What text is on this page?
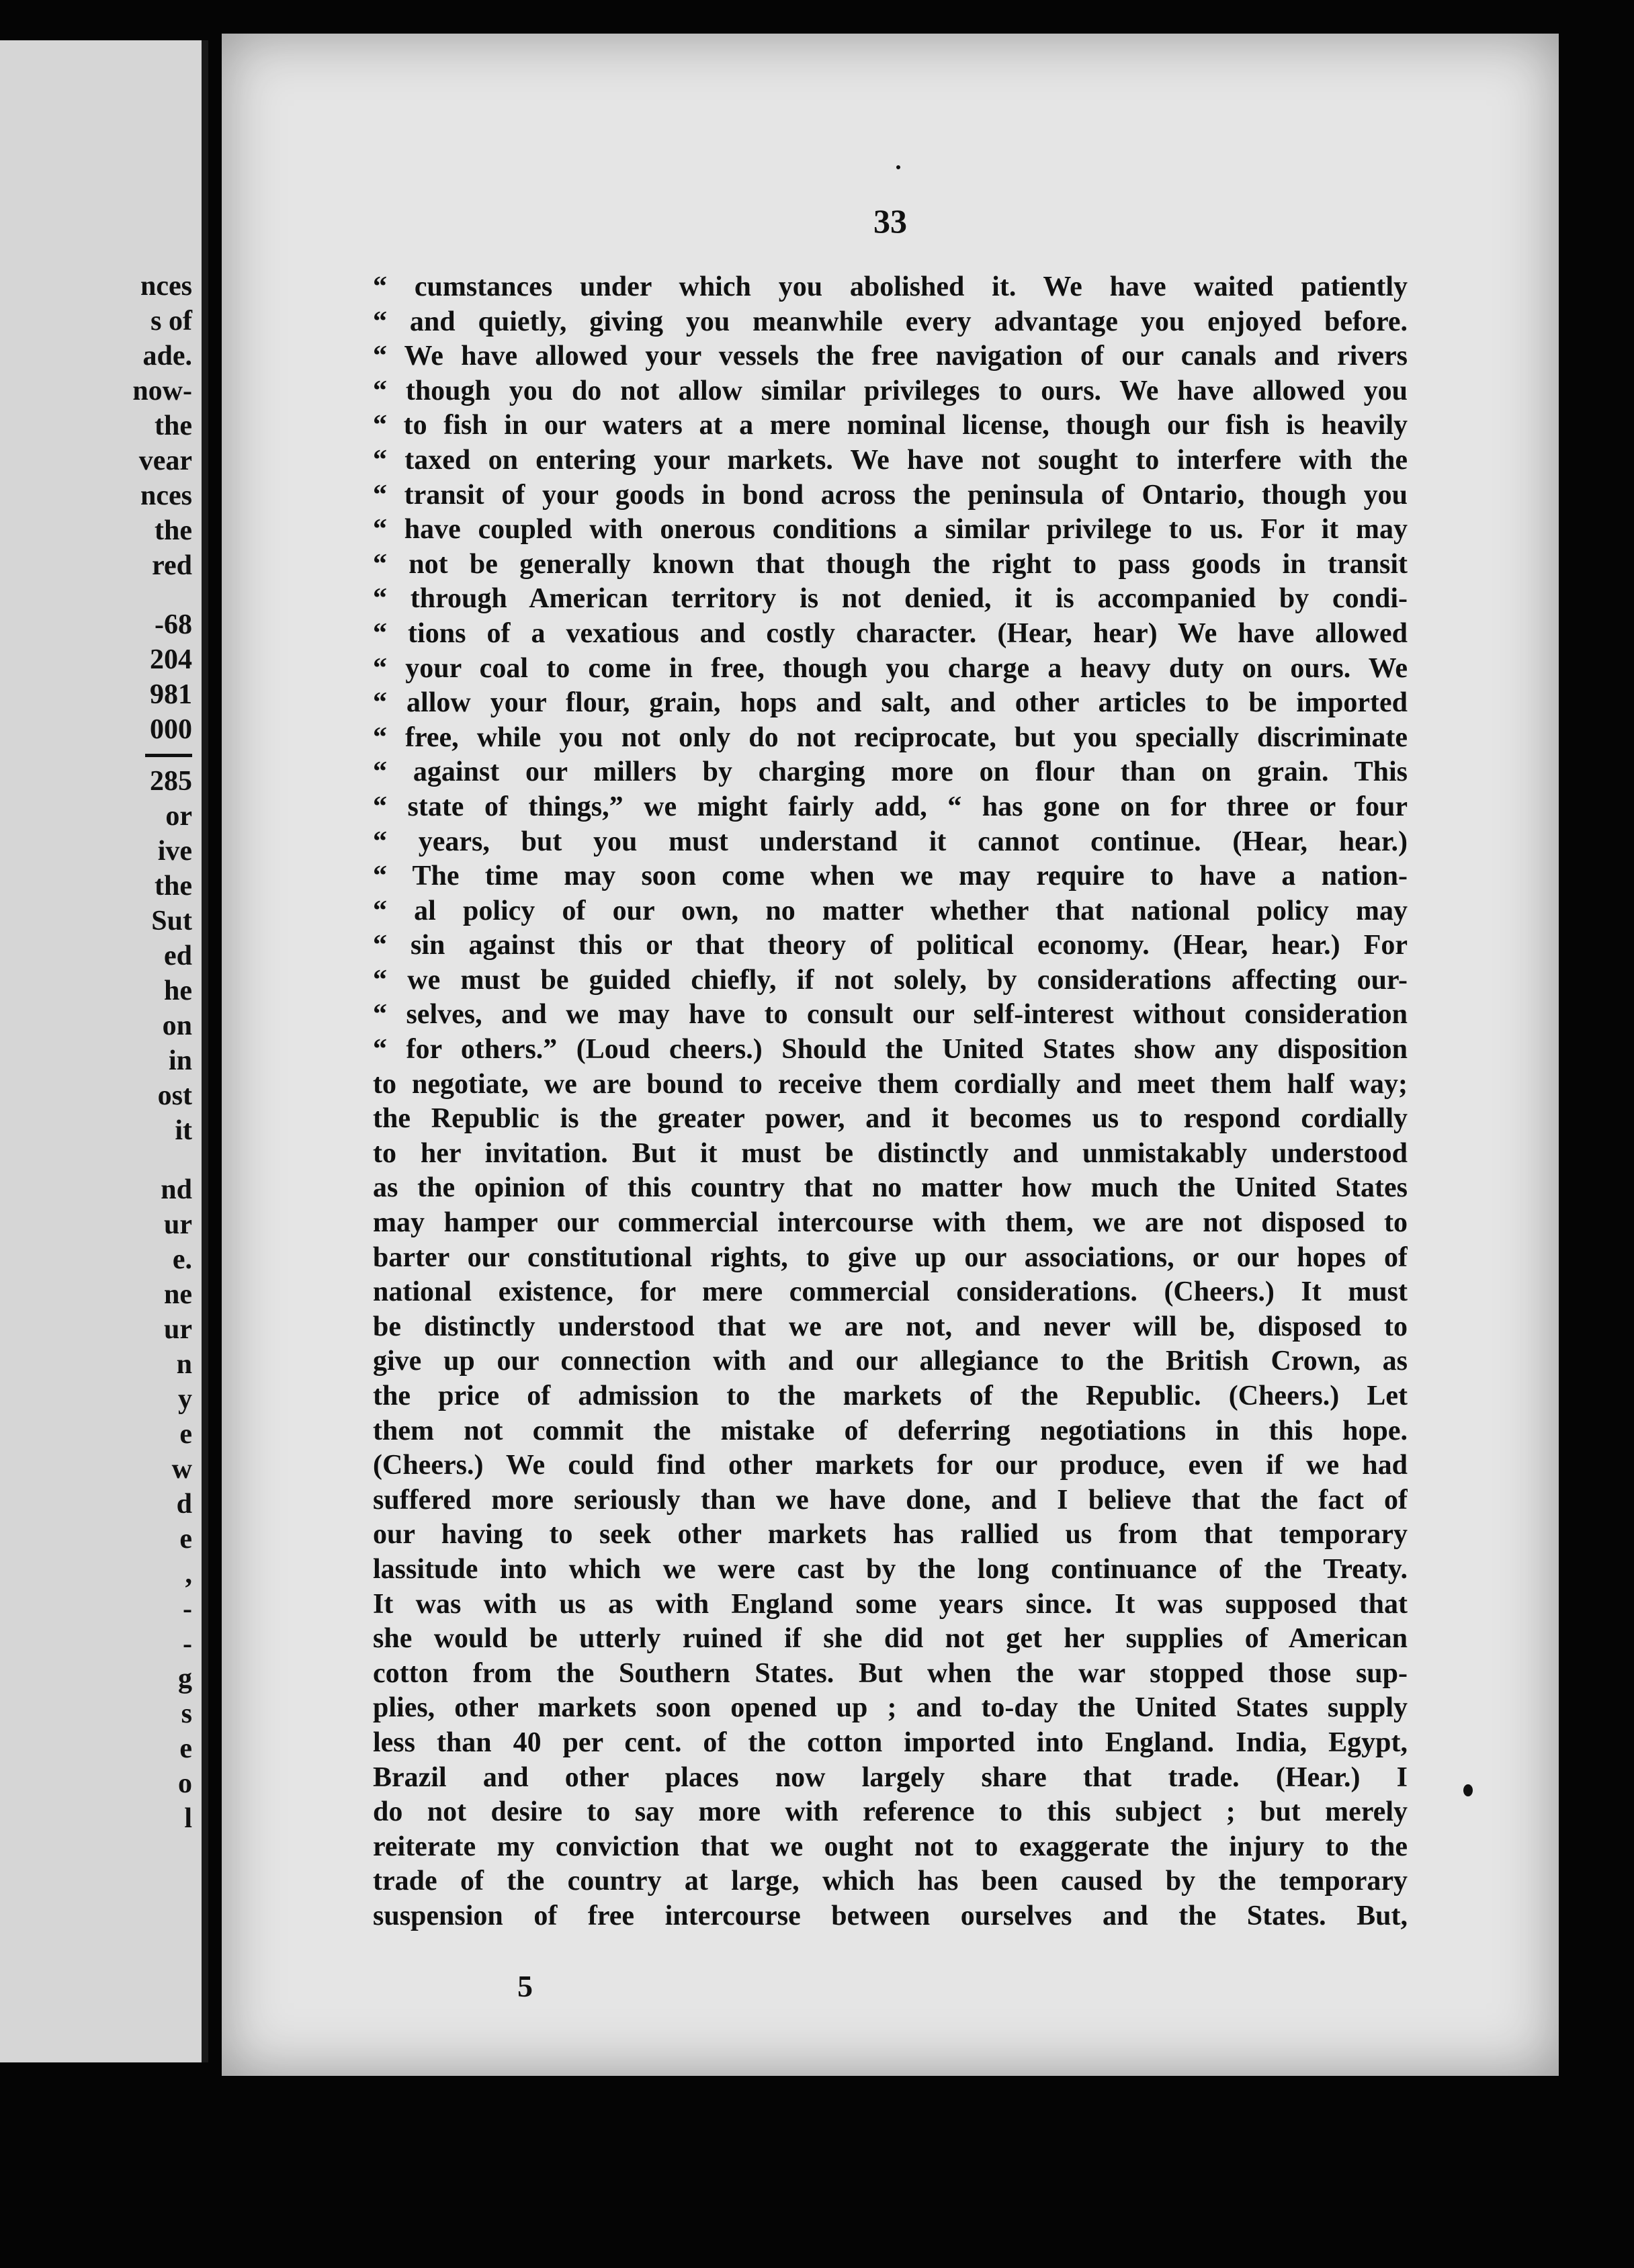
nces
s of
ade.
now-
the
vear
nces
the
red
-68
204
981
000
285
or
ive
the
Sut
ed
he
on
in
ost
it
nd
ur
e.
ne
ur
n
y
e
w
d
e
,
-
-
g
s
e
o
l
33
“ cumstances under which you abolished it. We have waited patiently
“ and quietly, giving you meanwhile every advantage you enjoyed before.
“ We have allowed your vessels the free navigation of our canals and rivers
“ though you do not allow similar privileges to ours. We have allowed you
“ to fish in our waters at a mere nominal license, though our fish is heavily
“ taxed on entering your markets. We have not sought to interfere with the
“ transit of your goods in bond across the peninsula of Ontario, though you
“ have coupled with onerous conditions a similar privilege to us. For it may
“ not be generally known that though the right to pass goods in transit
“ through American territory is not denied, it is accompanied by condi-
“ tions of a vexatious and costly character. (Hear, hear) We have allowed
“ your coal to come in free, though you charge a heavy duty on ours. We
“ allow your flour, grain, hops and salt, and other articles to be imported
“ free, while you not only do not reciprocate, but you specially discriminate
“ against our millers by charging more on flour than on grain. This
“ state of things,” we might fairly add, “ has gone on for three or four
“ years, but you must understand it cannot continue. (Hear, hear.)
“ The time may soon come when we may require to have a nation-
“ al policy of our own, no matter whether that national policy may
“ sin against this or that theory of political economy. (Hear, hear.) For
“ we must be guided chiefly, if not solely, by considerations affecting our-
“ selves, and we may have to consult our self-interest without consideration
“ for others.” (Loud cheers.) Should the United States show any disposition
to negotiate, we are bound to receive them cordially and meet them half way;
the Republic is the greater power, and it becomes us to respond cordially
to her invitation. But it must be distinctly and unmistakably understood
as the opinion of this country that no matter how much the United States
may hamper our commercial intercourse with them, we are not disposed to
barter our constitutional rights, to give up our associations, or our hopes of
national existence, for mere commercial considerations. (Cheers.) It must
be distinctly understood that we are not, and never will be, disposed to
give up our connection with and our allegiance to the British Crown, as
the price of admission to the markets of the Republic. (Cheers.) Let
them not commit the mistake of deferring negotiations in this hope.
(Cheers.) We could find other markets for our produce, even if we had
suffered more seriously than we have done, and I believe that the fact of
our having to seek other markets has rallied us from that temporary
lassitude into which we were cast by the long continuance of the Treaty.
It was with us as with England some years since. It was supposed that
she would be utterly ruined if she did not get her supplies of American
cotton from the Southern States. But when the war stopped those sup-
plies, other markets soon opened up ; and to-day the United States supply
less than 40 per cent. of the cotton imported into England. India, Egypt,
Brazil and other places now largely share that trade. (Hear.) I
do not desire to say more with reference to this subject ; but merely
reiterate my conviction that we ought not to exaggerate the injury to the
trade of the country at large, which has been caused by the temporary
suspension of free intercourse between ourselves and the States. But,
5
